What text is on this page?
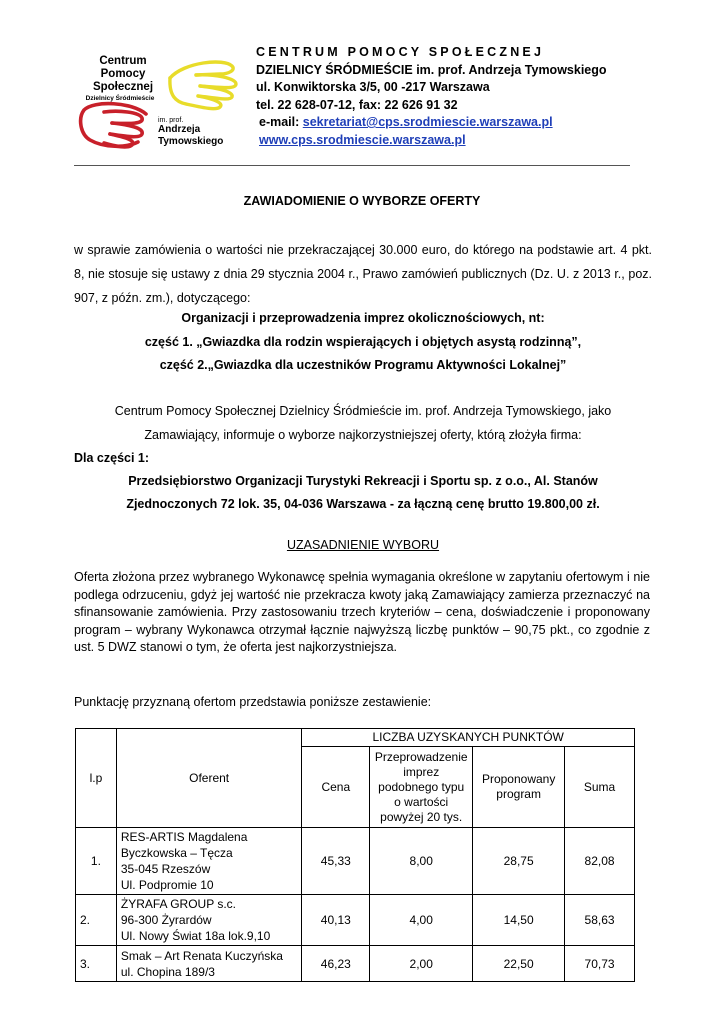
Centrum
Pomocy
Społecznej
Dzielnicy Śródmieście
im. prof.
Andrzeja
Tymowskiego
CENTRUM POMOCY SPOŁECZNEJ
DZIELNICY ŚRÓDMIEŚCIE im. prof. Andrzeja Tymowskiego
ul. Konwiktorska 3/5, 00 -217 Warszawa
tel. 22 628-07-12, fax: 22 626 91 32
e-mail: sekretariat@cps.srodmiescie.warszawa.pl
www.cps.srodmiescie.warszawa.pl
ZAWIADOMIENIE O WYBORZE OFERTY
w sprawie zamówienia o wartości nie przekraczającej 30.000 euro, do którego na podstawie art. 4 pkt. 8, nie stosuje się ustawy z dnia 29 stycznia 2004 r., Prawo zamówień publicznych (Dz. U. z 2013 r., poz. 907, z późn. zm.), dotyczącego:
Organizacji i przeprowadzenia imprez okolicznościowych, nt:
część 1. „Gwiazdka dla rodzin wspierających i objętych asystą rodzinną”,
część 2.„Gwiazdka dla uczestników Programu Aktywności Lokalnej”
Centrum Pomocy Społecznej Dzielnicy Śródmieście im. prof. Andrzeja Tymowskiego, jako
Zamawiający, informuje o wyborze najkorzystniejszej oferty, którą złożyła firma:
Dla części 1:
Przedsiębiorstwo Organizacji Turystyki Rekreacji i Sportu sp. z o.o., Al. Stanów
Zjednoczonych 72 lok. 35, 04-036 Warszawa - za łączną cenę brutto 19.800,00 zł.
UZASADNIENIE WYBORU
Oferta złożona przez wybranego Wykonawcę spełnia wymagania określone w zapytaniu ofertowym i nie podlega odrzuceniu, gdyż jej wartość nie przekracza kwoty jaką Zamawiający zamierza przeznaczyć na sfinansowanie zamówienia. Przy zastosowaniu trzech kryteriów – cena, doświadczenie i proponowany program – wybrany Wykonawca otrzymał łącznie najwyższą liczbę punktów – 90,75 pkt., co zgodnie z ust. 5 DWZ stanowi o tym, że oferta jest najkorzystniejsza.
Punktację przyznaną ofertom przedstawia poniższe zestawienie:
l.p	Oferent	LICZBA UZYSKANYCH PUNKTÓW			
		Cena	Przeprowadzenie imprez podobnego typu o wartości powyżej 20 tys.	Proponowany program	Suma
1.	RES-ARTIS Magdalena
Byczkowska – Tęcza
35-045 Rzeszów
Ul. Podpromie 10	45,33	8,00	28,75	82,08
2.	ŻYRAFA GROUP s.c.
96-300 Żyrardów
Ul. Nowy Świat 18a lok.9,10	40,13	4,00	14,50	58,63
3.	Smak – Art Renata Kuczyńska
ul. Chopina 189/3	46,23	2,00	22,50	70,73
